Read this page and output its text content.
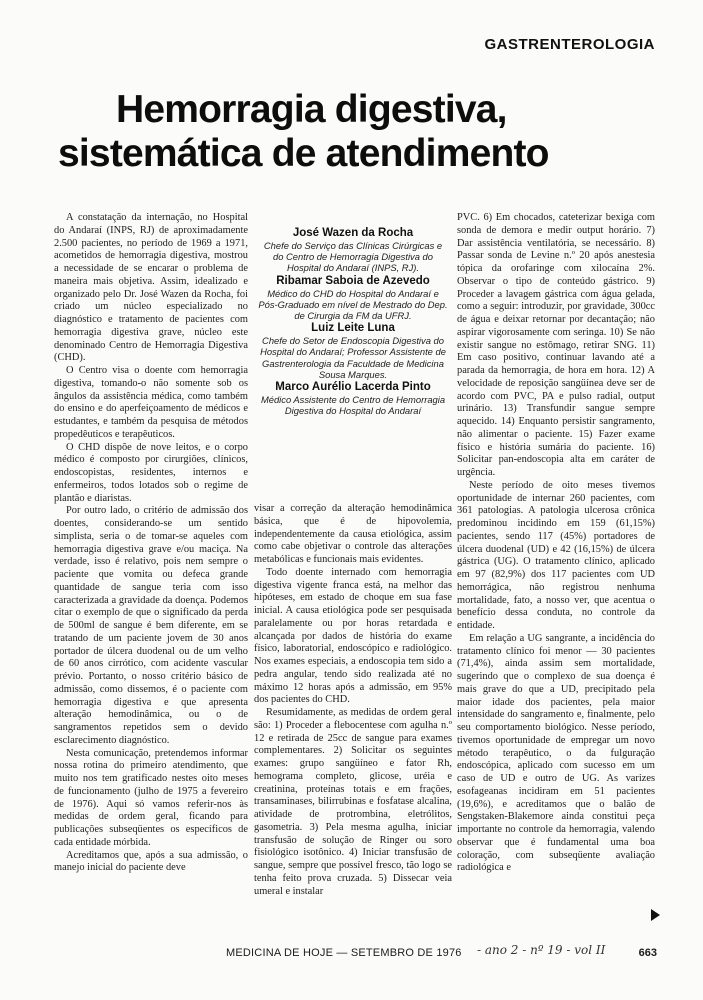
GASTRENTEROLOGIA
Hemorragia digestiva,
sistemática de atendimento

A constatação da internação, no Hospital do Andaraí (INPS, RJ) de aproximadamente 2.500 pacientes, no período de 1969 a 1971, acometidos de hemorragia digestiva, mostrou a necessidade de se encarar o problema de maneira mais objetiva. Assim, idealizado e organizado pelo Dr. José Wazen da Rocha, foi criado um núcleo especializado no diagnóstico e tratamento de pacientes com hemorragia digestiva grave, núcleo este denominado Centro de Hemorragia Digestiva (CHD).

O Centro visa o doente com hemorragia digestiva, tomando-o não somente sob os ângulos da assistência médica, como também do ensino e do aperfeiçoamento de médicos e estudantes, e também da pesquisa de métodos propedêuticos e terapêuticos.

O CHD dispõe de nove leitos, e o corpo médico é composto por cirurgiões, clínicos, endoscopistas, residentes, internos e enfermeiros, todos lotados sob o regime de plantão e diaristas.

Por outro lado, o critério de admissão dos doentes, considerando-se um sentido simplista, seria o de tomar-se aqueles com hemorragia digestiva grave e/ou maciça. Na verdade, isso é relativo, pois nem sempre o paciente que vomita ou defeca grande quantidade de sangue teria com isso caracterizada a gravidade da doença. Podemos citar o exemplo de que o significado da perda de 500ml de sangue é bem diferente, em se tratando de um paciente jovem de 30 anos portador de úlcera duodenal ou de um velho de 60 anos cirrótico, com acidente vascular prévio. Portanto, o nosso critério básico de admissão, como dissemos, é o paciente com hemorragia digestiva e que apresenta alteração hemodinâmica, ou o de sangramentos repetidos sem o devido esclarecimento diagnóstico.

Nesta comunicação, pretendemos informar nossa rotina do primeiro atendimento, que muito nos tem gratificado nestes oito meses de funcionamento (julho de 1975 a fevereiro de 1976). Aqui só vamos referir-nos às medidas de ordem geral, ficando para publicações subseqüentes os específicos de cada entidade mórbida.

Acreditamos que, após a sua admissão, o manejo inicial do paciente deve

José Wazen da Rocha
Chefe do Serviço das Clínicas Cirúrgicas e do Centro de Hemorragia Digestiva do Hospital do Andaraí (INPS, RJ).
Ribamar Saboia de Azevedo
Médico do CHD do Hospital do Andaraí e Pós-Graduado em nível de Mestrado do Dep. de Cirurgia da FM da UFRJ.
Luiz Leite Luna
Chefe do Setor de Endoscopia Digestiva do Hospital do Andaraí; Professor Assistente de Gastrenterologia da Faculdade de Medicina Sousa Marques.
Marco Aurélio Lacerda Pinto
Médico Assistente do Centro de Hemorragia Digestiva do Hospital do Andaraí

visar a correção da alteração hemodinâmica básica, que é de hipovolemia, independentemente da causa etiológica, assim como cabe objetivar o controle das alterações metabólicas e funcionais mais evidentes.

Todo doente internado com hemorragia digestiva vigente franca está, na melhor das hipóteses, em estado de choque em sua fase inicial. A causa etiológica pode ser pesquisada paralelamente ou por horas retardada e alcançada por dados de história do exame físico, laboratorial, endoscópico e radiológico. Nos exames especiais, a endoscopia tem sido a pedra angular, tendo sido realizada até no máximo 12 horas após a admissão, em 95% dos pacientes do CHD.

Resumidamente, as medidas de ordem geral são: 1) Proceder a flebocentese com agulha n.º 12 e retirada de 25cc de sangue para exames complementares. 2) Solicitar os seguintes exames: grupo sangüíneo e fator Rh, hemograma completo, glicose, uréia e creatinina, proteínas totais e em frações, transaminases, bilirrubinas e fosfatase alcalina, atividade de protrombina, eletrólitos, gasometria. 3) Pela mesma agulha, iniciar transfusão de solução de Ringer ou soro fisiológico isotônico. 4) Iniciar transfusão de sangue, sempre que possível fresco, tão logo se tenha feito prova cruzada. 5) Dissecar veia umeral e instalar

PVC. 6) Em chocados, cateterizar bexiga com sonda de demora e medir output horário. 7) Dar assistência ventilatória, se necessário. 8) Passar sonda de Levine n.º 20 após anestesia tópica da orofaringe com xilocaína 2%. Observar o tipo de conteúdo gástrico. 9) Proceder a lavagem gástrica com água gelada, como a seguir: introduzir, por gravidade, 300cc de água e deixar retornar por decantação; não aspirar vigorosamente com seringa. 10) Se não existir sangue no estômago, retirar SNG. 11) Em caso positivo, continuar lavando até a parada da hemorragia, de hora em hora. 12) A velocidade de reposição sangüínea deve ser de acordo com PVC, PA e pulso radial, output urinário. 13) Transfundir sangue sempre aquecido. 14) Enquanto persistir sangramento, não alimentar o paciente. 15) Fazer exame físico e história sumária do paciente. 16) Solicitar pan-endoscopia alta em caráter de urgência.

Neste período de oito meses tivemos oportunidade de internar 260 pacientes, com 361 patologias. A patologia ulcerosa crônica predominou incidindo em 159 (61,15%) pacientes, sendo 117 (45%) portadores de úlcera duodenal (UD) e 42 (16,15%) de úlcera gástrica (UG). O tratamento clínico, aplicado em 97 (82,9%) dos 117 pacientes com UD hemorrágica, não registrou nenhuma mortalidade, fato, a nosso ver, que acentua o benefício dessa conduta, no controle da entidade.

Em relação a UG sangrante, a incidência do tratamento clínico foi menor — 30 pacientes (71,4%), ainda assim sem mortalidade, sugerindo que o complexo de sua doença é mais grave do que a UD, precipitado pela maior idade dos pacientes, pela maior intensidade do sangramento e, finalmente, pelo seu comportamento biológico. Nesse período, tivemos oportunidade de empregar um novo método terapêutico, o da fulguração endoscópica, aplicado com sucesso em um caso de UD e outro de UG. As varizes esofageanas incidiram em 51 pacientes (19,6%), e acreditamos que o balão de Sengstaken-Blakemore ainda constitui peça importante no controle da hemorragia, valendo observar que é fundamental uma boa coloração, com subseqüente avaliação radiológica e

MEDICINA DE HOJE — SETEMBRO DE 1976 - ano 2 - nº 19 - vol II	663
